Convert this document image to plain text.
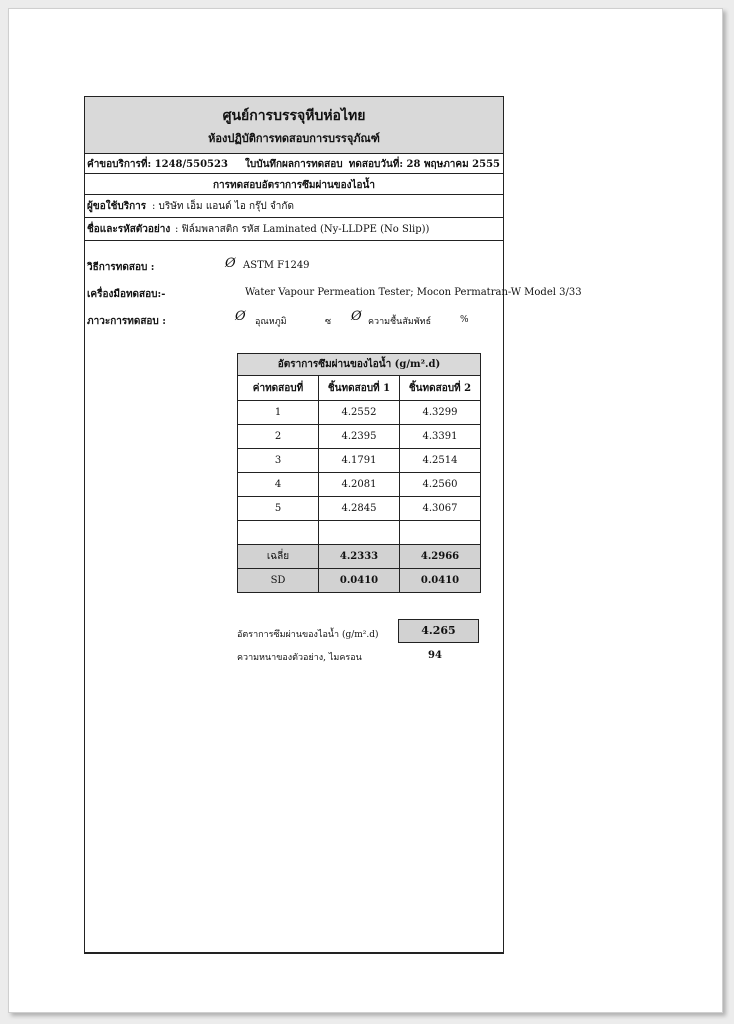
ศูนย์การบรรจุหีบห่อไทย
ห้องปฏิบัติการทดสอบการบรรจุภัณฑ์
คำขอบริการที่: 1248/550523 ใบบันทึกผลการทดสอบ ทดสอบวันที่: 28 พฤษภาคม 2555
การทดสอบอัตราการซึมผ่านของไอน้ำ
ผู้ขอใช้บริการ : บริษัท เอ็ม แอนด์ ไอ กรุ๊ป จำกัด
ชื่อและรหัสตัวอย่าง : ฟิล์มพลาสติก รหัส Laminated (Ny-LLDPE (No Slip))
วิธีการทดสอบ :	Ø ASTM F1249
เครื่องมือทดสอบ:-	Water Vapour Permeation Tester; Mocon Permatran-W Model 3/33
ภาวะการทดสอบ :	Ø อุณหภูมิ	ซ Ø ความชื้นสัมพัทธ์	%
อัตราการซึมผ่านของไอน้ำ (g/m².d)		
ค่าทดสอบที่	ชิ้นทดสอบที่ 1	ชิ้นทดสอบที่ 2
1	4.2552	4.3299
2	4.2395	4.3391
3	4.1791	4.2514
4	4.2081	4.2560
5	4.2845	4.3067

เฉลี่ย	4.2333	4.2966
SD	0.0410	0.0410
อัตราการซึมผ่านของไอน้ำ (g/m².d)	4.265
ความหนาของตัวอย่าง, ไมครอน	94
